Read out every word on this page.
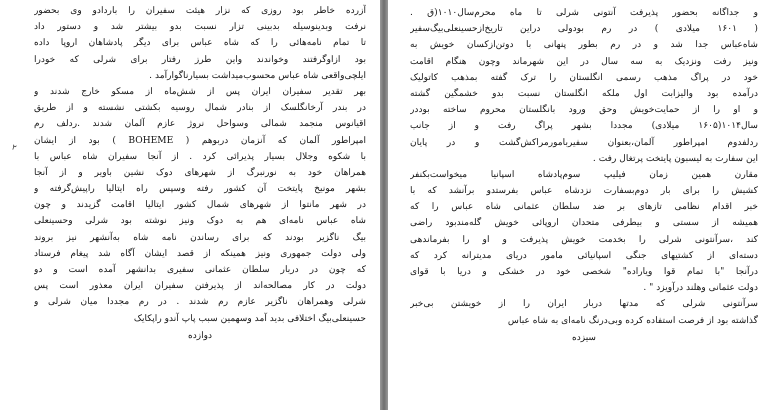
آزرده خاطر بود روزی که نزار هیئت سفیران را باردادو وی بحضور
نرفت وبدینوسیله بدبینی تزار نسبت بدو بیشتر شد و دستور داد
تا تمام نامه‌هائی را که شاه عباس برای دیگر پادشاهان اروپا داده
بود ازاوگرفتند وخواندند واین طرز رفتار برای شرلی که خودرا
ایلچی‌واقعی شاه عباس محسوب‌میداشت بسیارناگوارآمد .
بهر تقدیر سفیران ایران پس از شش‌ماه از مسکو خارج شدند و
در بندر آرخانگلسک از بنادر شمال روسیه بکشتی نشسته و از طریق
اقیانوس منجمد شمالی وسواحل نروژ عازم آلمان شدند .ردلف رم
امپراطور آلمان که آنزمان دربوهم ( BOHEME ) بود از ایشان
با شکوه وجلال بسیار پذیرائی کرد . از آنجا سفیران شاه عباس با
همراهان خود به نورنبرگ از شهرهای دوک نشین باویر و از آنجا
بشهر مونیخ پایتخت آن کشور رفته وسپس راه ایتالیا راپیش‌گرفته و
در شهر مانتوا از شهرهای شمال کشور ایتالیا اقامت گزیدند و چون
شاه عباس نامه‌ای هم به دوک ونیز نوشته بود شرلی وحسینعلی
بیگ ناگزیر بودند که برای رساندن نامه شاه به‌آنشهر نیز بروند
ولی دولت جمهوری ونیز همینکه از قصد ایشان آگاه شد پیغام فرستاد
که چون در دربار سلطان عثمانی سفیری بدانشهر آمده است و دو
دولت در کار مصالحه‌اند از پذیرفتن سفیران ایران معذور است پس
شرلی وهمراهان ناگزیر عازم رم شدند . در رم مجددا میان شرلی و
حسینعلی‌بیگ اختلافی بدید آمد وسهمین سبب پاپ آندو راپکایک
دوازده
٢
و جداگانه بحضور پذیرفت آنتونی شرلی تا ماه محرم‌سال۱۰۱۰(ق .
( ۱۶۰۱ میلادی ) در رم بودولی دراین تاریخ‌ازحسینعلی‌بیگ‌سفیر
شاه‌عباس جدا شد و در رم بطور پنهانی با دوتن‌ازکسان خویش به
ونیز رفت ونزدیک به سه سال در این شهرماند وچون هنگام اقامت
خود در پراگ مذهب رسمی انگلستان را ترک گفته بمذهب کاتولیک
درآمده بود والیزابت اول ملکه انگلستان نسبت بدو خشمگین گشته
و او را از حمایت‌خویش وحق ورود بانگلستان محروم ساخته بوددر
سال۱۰۱۴(۱۶۰۵ میلادی) مجددا بشهر پراگ رفت و از جانب
ردلفدوم امپراطور آلمان،بعنوان سفیر‌با‌مورمراکش‌گشت و در پایان
این سفارت به لیسبون پایتخت پرتغال رفت .
مقارن همین زمان فیلیپ سوم‌پادشاه اسپانیا میخواست‌بکنفر
کشیش را برای بار دوم‌بسفارت نزدشاه عباس بفرستدو برآنشد که با
خبر اقدام نظامی تازهای بر ضد سلطان عثمانی شاه عباس را که
همیشه از سستی و بیطرفی متحدان اروپائی خویش گله‌مندبود راضی
کند ،سرآنتونی شرلی را بخدمت خویش پذیرفت و او را بفرماندهی
دسته‌ای از کشتیهای جنگی اسپانیائی مامور دریای مدیترانه کرد که
درآنجا "با تمام قوا ویاراده" شخصی خود در خشکی و دریا با قوای
دولت عثمانی وهلند درآویزد " .
سرآنتونی شرلی که مدتها دربار ایران را از خویشتن بی‌خبر
گذاشته بود از فرصت استفاده کرده وبی‌درنگ نامه‌ای به شاه عباس
سیزده
